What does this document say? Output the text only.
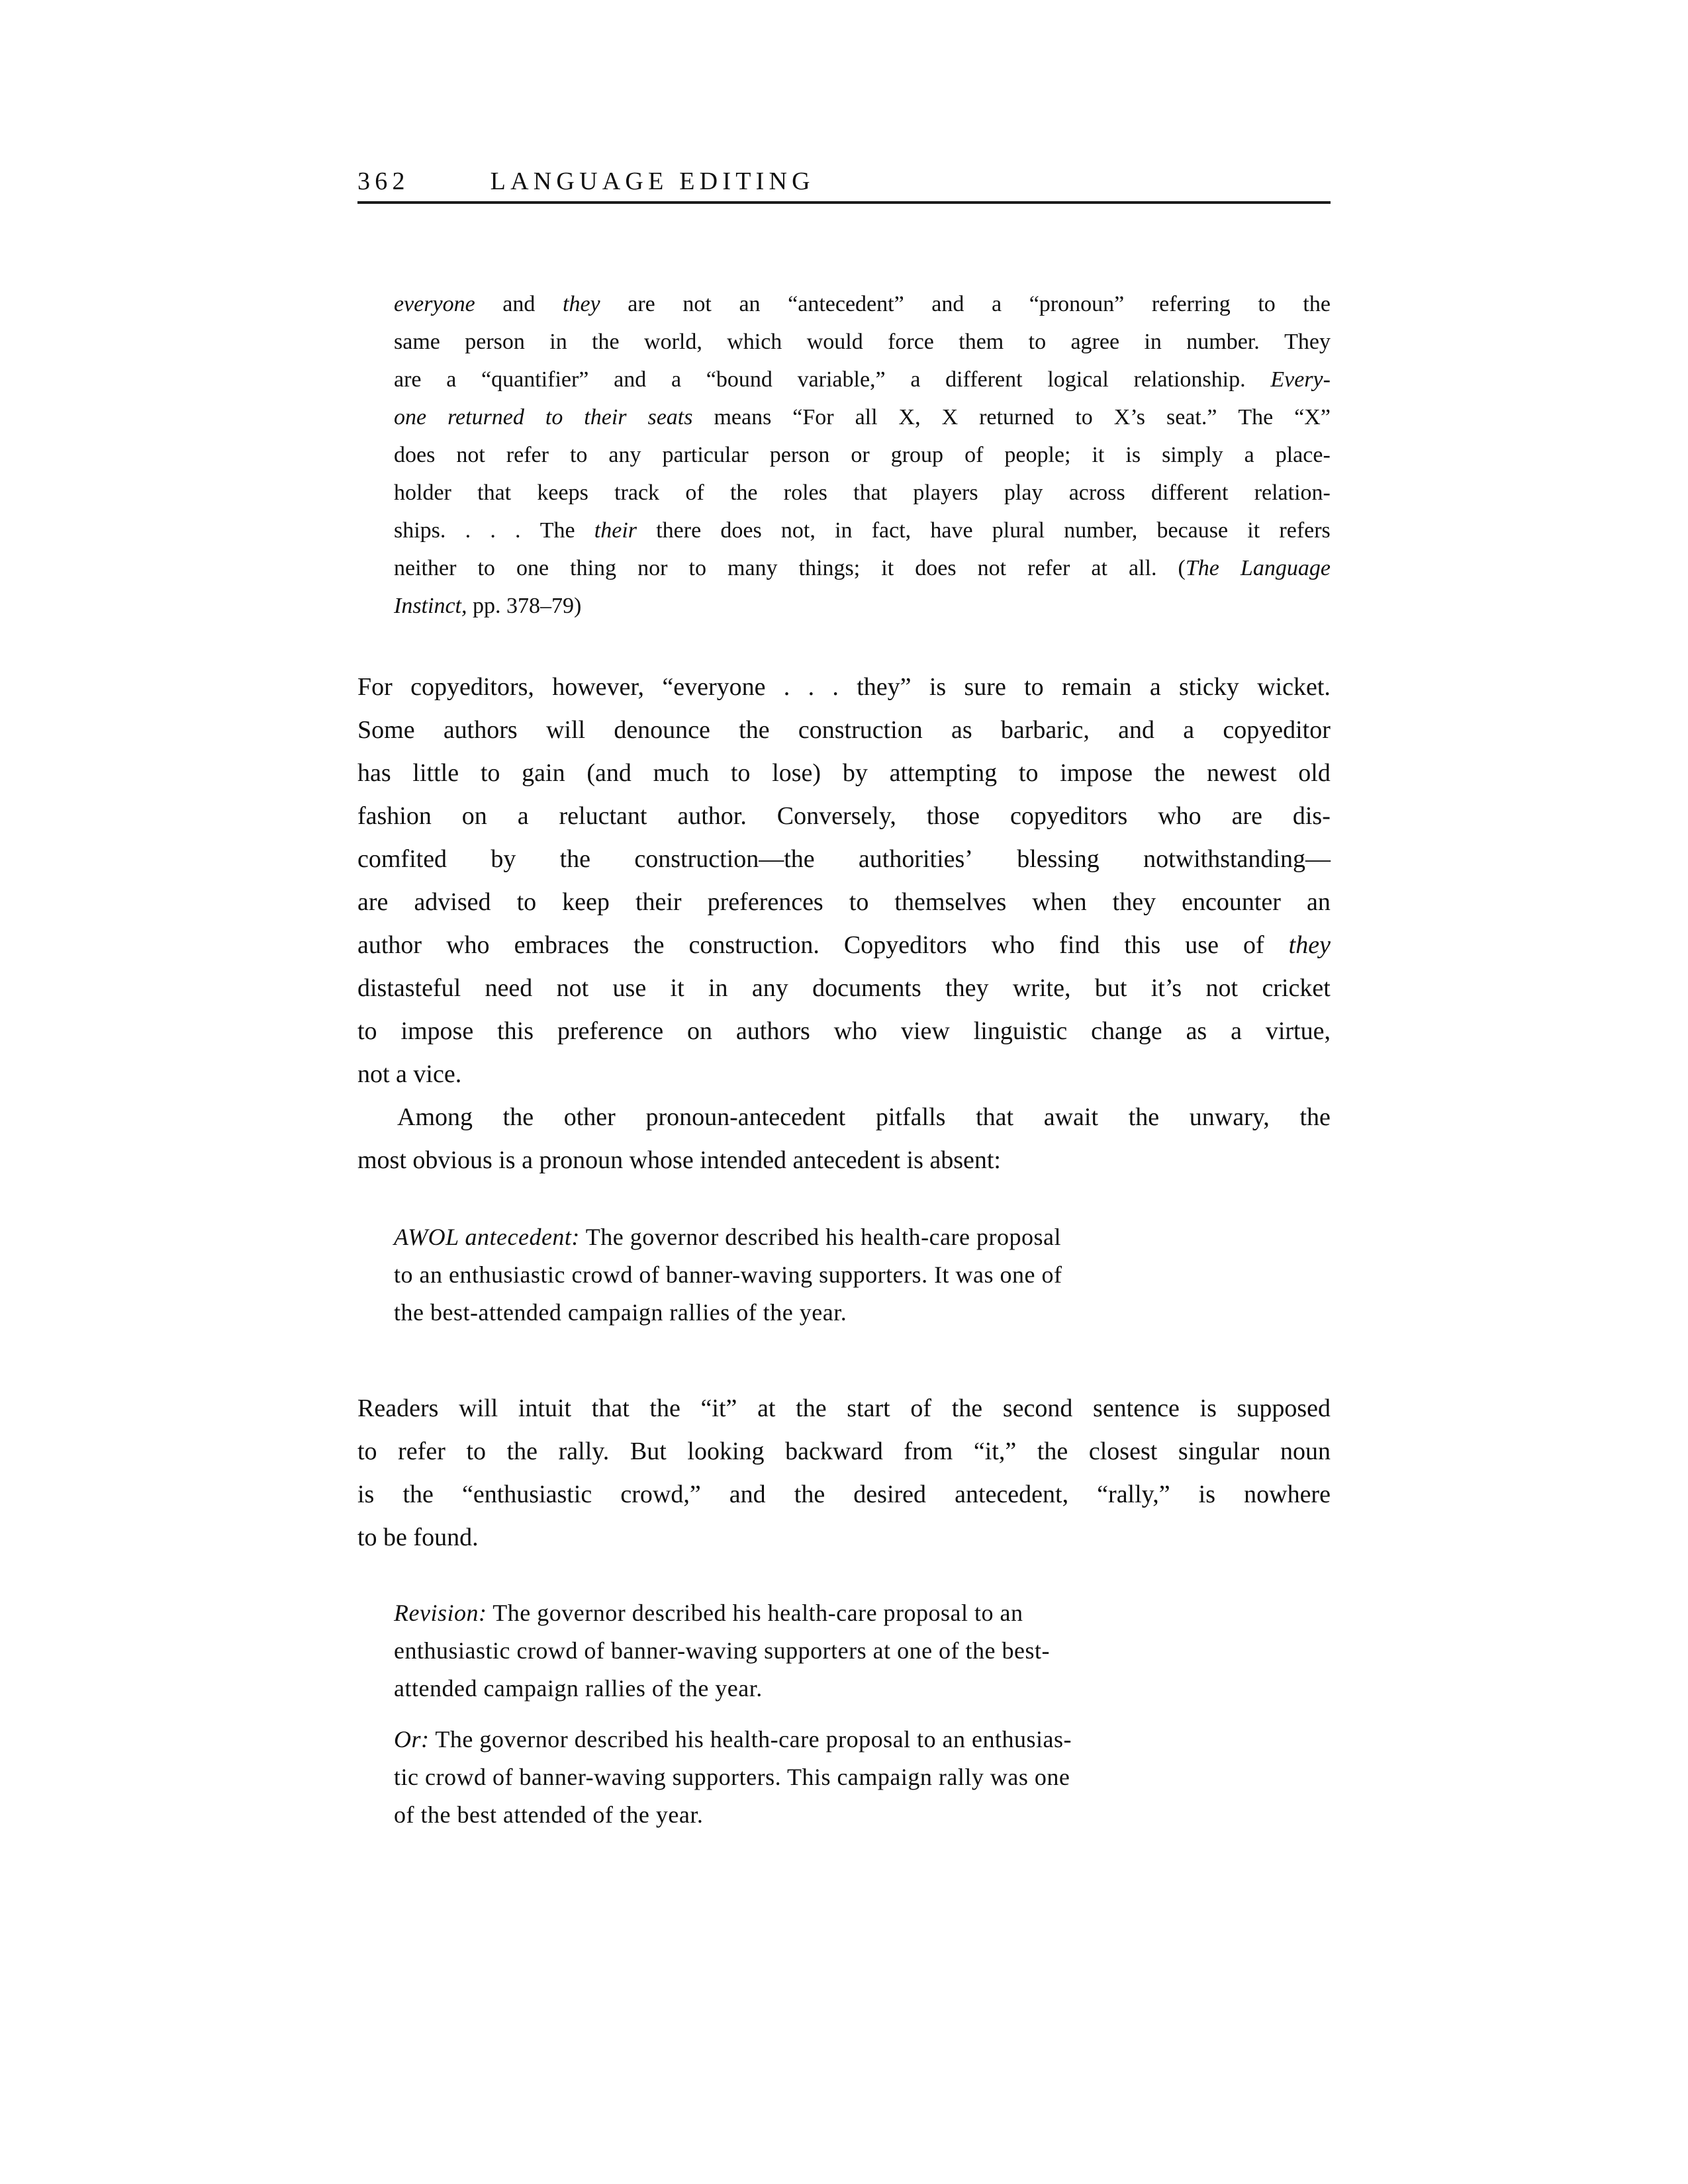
362	LANGUAGE EDITING
everyone and they are not an “antecedent” and a “pronoun” referring to the
same person in the world, which would force them to agree in number. They
are a “quantifier” and a “bound variable,” a different logical relationship. Every-
one returned to their seats means “For all X, X returned to X’s seat.” The “X”
does not refer to any particular person or group of people; it is simply a place-
holder that keeps track of the roles that players play across different relation-
ships. . . . The their there does not, in fact, have plural number, because it refers
neither to one thing nor to many things; it does not refer at all. (The Language
Instinct, pp. 378–79)
For copyeditors, however, “everyone . . . they” is sure to remain a sticky wicket.
Some authors will denounce the construction as barbaric, and a copyeditor
has little to gain (and much to lose) by attempting to impose the newest old
fashion on a reluctant author. Conversely, those copyeditors who are dis-
comfited by the construction—the authorities’ blessing notwithstanding—
are advised to keep their preferences to themselves when they encounter an
author who embraces the construction. Copyeditors who find this use of they
distasteful need not use it in any documents they write, but it’s not cricket
to impose this preference on authors who view linguistic change as a virtue,
not a vice.
Among the other pronoun-antecedent pitfalls that await the unwary, the
most obvious is a pronoun whose intended antecedent is absent:
AWOL antecedent: The governor described his health-care proposal
to an enthusiastic crowd of banner-waving supporters. It was one of
the best-attended campaign rallies of the year.
Readers will intuit that the “it” at the start of the second sentence is supposed
to refer to the rally. But looking backward from “it,” the closest singular noun
is the “enthusiastic crowd,” and the desired antecedent, “rally,” is nowhere
to be found.
Revision: The governor described his health-care proposal to an
enthusiastic crowd of banner-waving supporters at one of the best-
attended campaign rallies of the year.
Or: The governor described his health-care proposal to an enthusias-
tic crowd of banner-waving supporters. This campaign rally was one
of the best attended of the year.
